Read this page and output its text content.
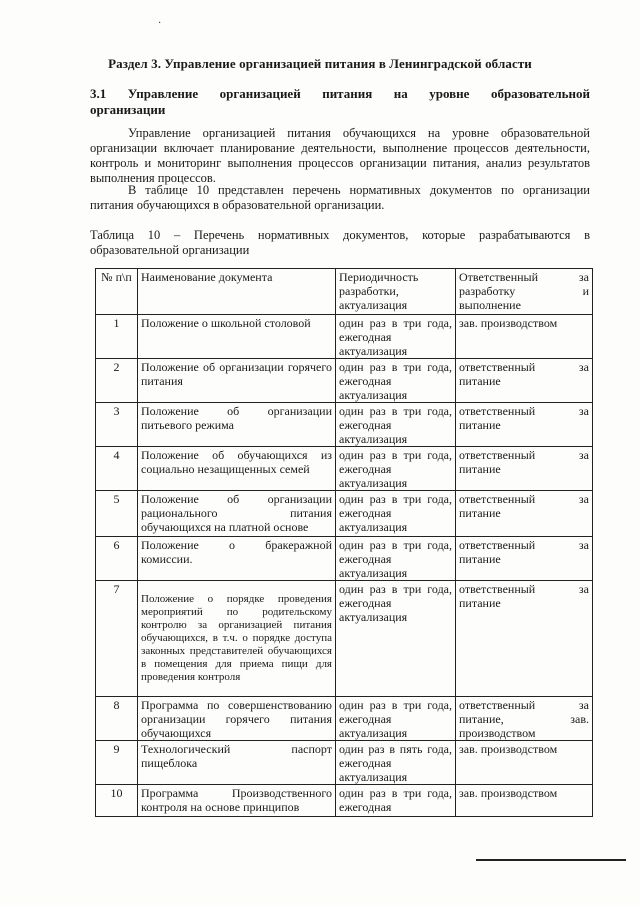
·
Раздел 3. Управление организацией питания в Ленинградской области
3.1 Управление организацией питания на уровне образовательной
организации
Управление организацией питания обучающихся на уровне образовательной организации включает планирование деятельности, выполнение процессов деятельности, контроль и мониторинг выполнения процессов организации питания, анализ результатов выполнения процессов.
В таблице 10 представлен перечень нормативных документов по организации питания обучающихся в образовательной организации.
Таблица 10 – Перечень нормативных документов, которые разрабатываются в образовательной организации
№ п\п	Наименование документа	Периодичность разработки, актуализация	Ответственный за разработку и выполнение
1	Положение о школьной столовой	один раз в три года, ежегодная актуализация	зав. производством
2	Положение об организации горячего питания	один раз в три года, ежегодная актуализация	ответственный за питание
3	Положение об организации питьевого режима	один раз в три года, ежегодная актуализация	ответственный за питание
4	Положение об обучающихся из социально незащищенных семей	один раз в три года, ежегодная актуализация	ответственный за питание
5	Положение об организации рационального питания обучающихся на платной основе	один раз в три года, ежегодная актуализация	ответственный за питание
6	Положение о бракеражной комиссии.	один раз в три года, ежегодная актуализация	ответственный за питание
7	Положение о порядке проведения мероприятий по родительскому контролю за организацией питания обучающихся, в т.ч. о порядке доступа законных представителей обучающихся в помещения для приема пищи для проведения контроля	один раз в три года, ежегодная актуализация	ответственный за питание
8	Программа по совершенствованию организации горячего питания обучающихся	один раз в три года, ежегодная актуализация	ответственный за питание, зав. производством
9	Технологический паспорт пищеблока	один раз в пять года, ежегодная актуализация	зав. производством
10	Программа Производственного контроля на основе принципов	один раз в три года, ежегодная	зав. производством
